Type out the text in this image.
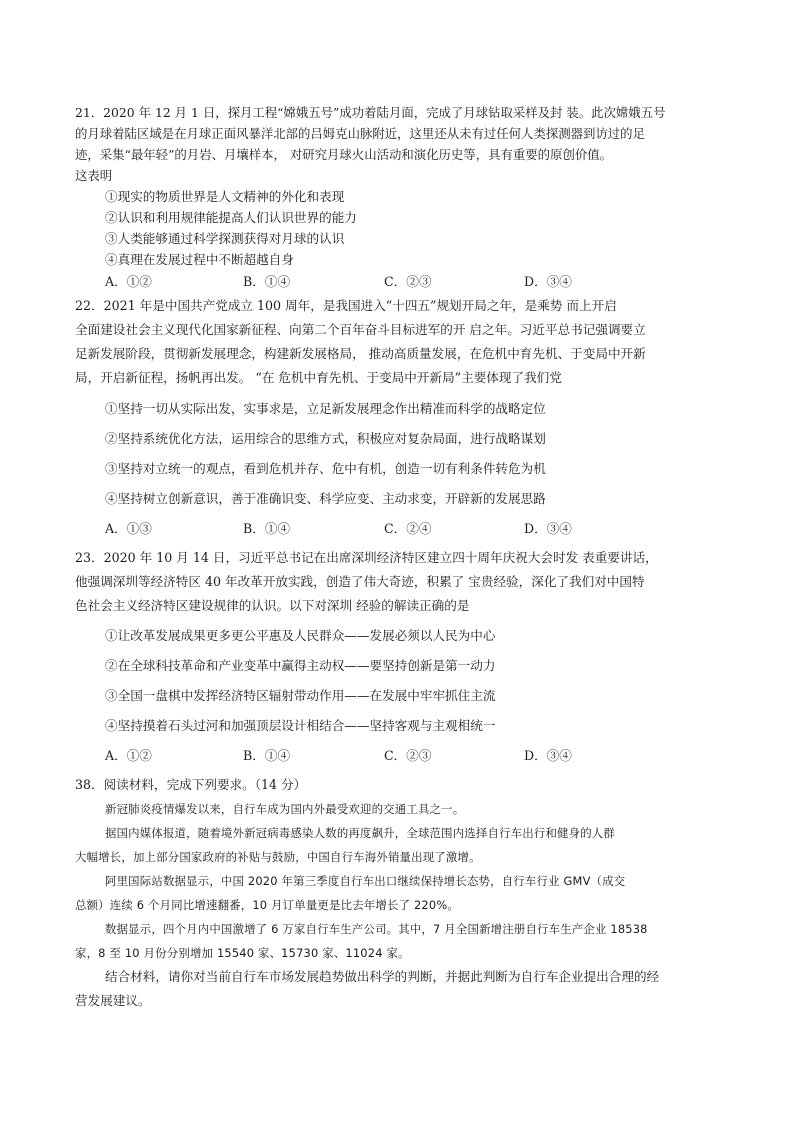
21．2020 年 12 月 1 日，探月工程“嫦娥五号”成功着陆月面，完成了月球钻取采样及封 装。此次嫦娥五号
的月球着陆区域是在月球正面风暴洋北部的吕姆克山脉附近，这里还从未有过任何人类探测器到访过的足
迹，采集“最年轻”的月岩、月壤样本， 对研究月球火山活动和演化历史等，具有重要的原创价值。
这表明
①现实的物质世界是人文精神的外化和表现
②认识和利用规律能提高人们认识世界的能力
③人类能够通过科学探测获得对月球的认识
④真理在发展过程中不断超越自身
A．①②	B．①④	C．②③	D．③④
22．2021 年是中国共产党成立 100 周年，是我国进入“十四五”规划开局之年，是乘势 而上开启
全面建设社会主义现代化国家新征程、向第二个百年奋斗目标进军的开 启之年。习近平总书记强调要立
足新发展阶段，贯彻新发展理念，构建新发展格局， 推动高质量发展，在危机中育先机、于变局中开新
局，开启新征程，扬帆再出发。 “在 危机中育先机、于变局中开新局”主要体现了我们党
①坚持一切从实际出发，实事求是，立足新发展理念作出精准而科学的战略定位
②坚持系统优化方法，运用综合的思维方式，积极应对复杂局面，进行战略谋划
③坚持对立统一的观点，看到危机并存、危中有机，创造一切有利条件转危为机
④坚持树立创新意识，善于准确识变、科学应变、主动求变，开辟新的发展思路
A．①③	B．①④	C．②④	D．③④
23．2020 年 10 月 14 日，习近平总书记在出席深圳经济特区建立四十周年庆祝大会时发 表重要讲话，
他强调深圳等经济特区 40 年改革开放实践，创造了伟大奇迹，积累了 宝贵经验，深化了我们对中国特
色社会主义经济特区建设规律的认识。以下对深圳 经验的解读正确的是
①让改革发展成果更多更公平惠及人民群众——发展必须以人民为中心
②在全球科技革命和产业变革中赢得主动权——要坚持创新是第一动力
③全国一盘棋中发挥经济特区辐射带动作用——在发展中牢牢抓住主流
④坚持摸着石头过河和加强顶层设计相结合——坚持客观与主观相统一
A．①②	B．①④	C．②③	D．③④
38．阅读材料，完成下列要求。（14 分）
新冠肺炎疫情爆发以来，自行车成为国内外最受欢迎的交通工具之一。
据国内媒体报道，随着境外新冠病毒感染人数的再度飙升，全球范围内选择自行车出行和健身的人群
大幅增长，加上部分国家政府的补贴与鼓励，中国自行车海外销量出现了激增。
阿里国际站数据显示，中国 2020 年第三季度自行车出口继续保持增长态势，自行车行业 GMV（成交
总额）连续 6 个月同比增速翻番，10 月订单量更是比去年增长了 220%。
数据显示，四个月内中国激增了 6 万家自行车生产公司。其中，7 月全国新增注册自行车生产企业 18538
家，8 至 10 月份分别增加 15540 家、15730 家、11024 家。
结合材料，请你对当前自行车市场发展趋势做出科学的判断，并据此判断为自行车企业提出合理的经
营发展建议。
